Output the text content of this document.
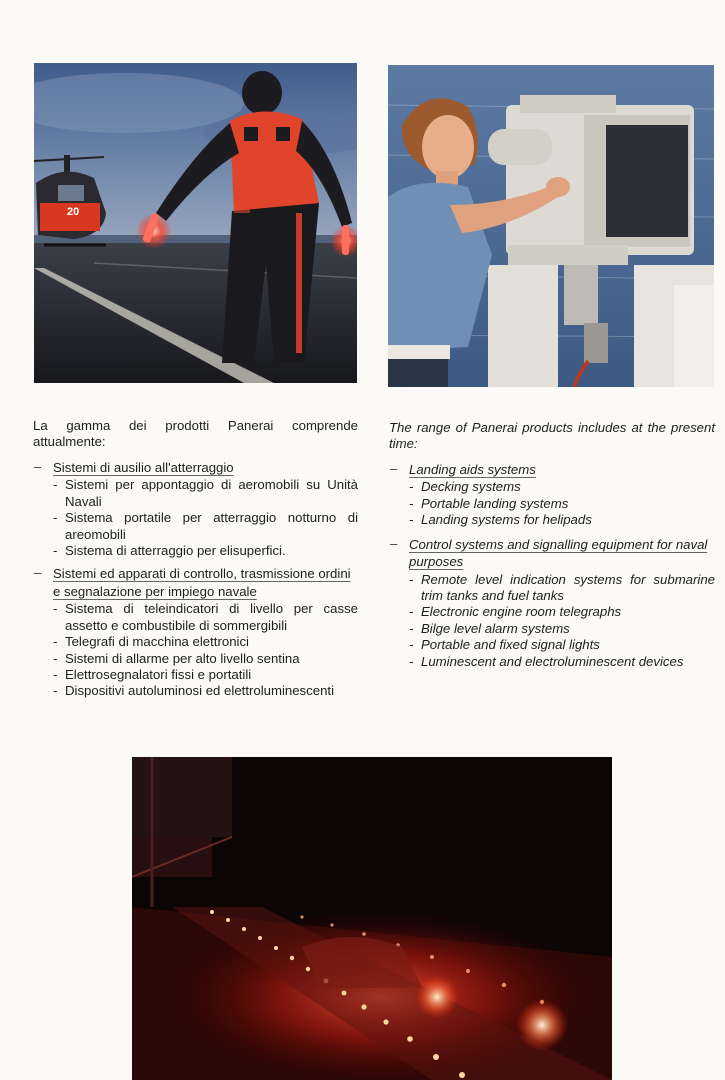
20

La gamma dei prodotti Panerai comprende attualmente:

– Sistemi di ausilio all'atterraggio
- Sistemi per appontaggio di aeromobili su Unità Navali
- Sistema portatile per atterraggio notturno di areomobili
- Sistema di atterraggio per elisuperfici.
– Sistemi ed apparati di controllo, trasmissione ordini e segnalazione per impiego navale
- Sistema di teleindicatori di livello per casse assetto e combustibile di sommergibili
- Telegrafi di macchina elettronici
- Sistemi di allarme per alto livello sentina
- Elettrosegnalatori fissi e portatili
- Dispositivi autoluminosi ed elettroluminescenti

The range of Panerai products includes at the present time:

– Landing aids systems
- Decking systems
- Portable landing systems
- Landing systems for helipads
– Control systems and signalling equipment for naval purposes
- Remote level indication systems for submarine trim tanks and fuel tanks
- Electronic engine room telegraphs
- Bilge level alarm systems
- Portable and fixed signal lights
- Luminescent and electroluminescent devices
